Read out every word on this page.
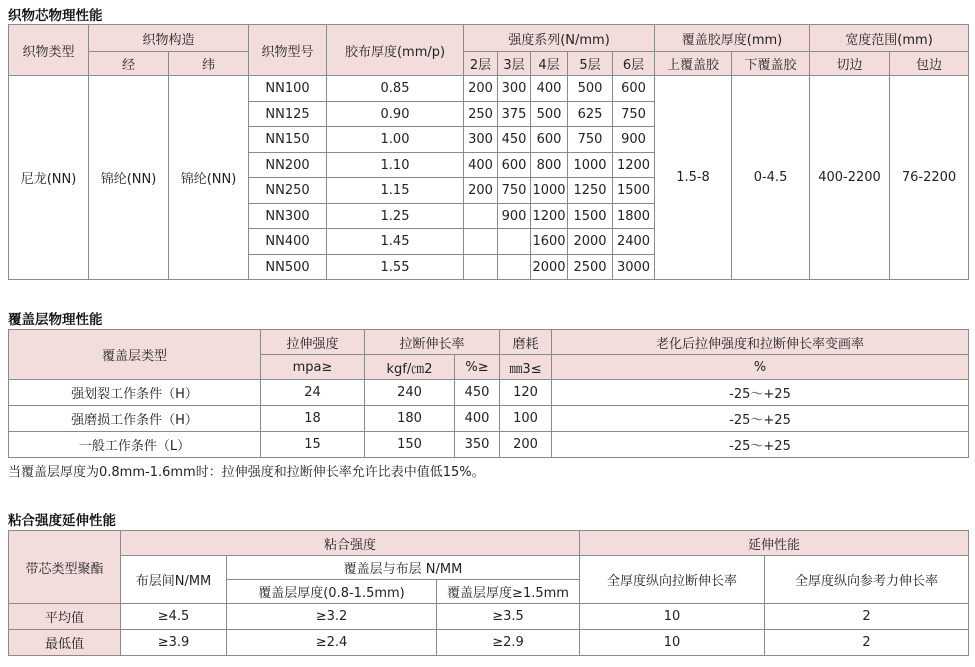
织物芯物理性能
织物类型	织物构造		织物型号	胶布厚度(mm/p)	强度系列(N/mm)					覆盖胶厚度(mm)		宽度范围(mm)	
	经	纬			2层	3层	4层	5层	6层	上覆盖胶	下覆盖胶	切边	包边
尼龙(NN)	锦纶(NN)	锦纶(NN)	NN100	0.85	200	300	400	500	600	1.5-8	0-4.5	400-2200	76-2200
			NN125	0.90	250	375	500	625	750				
			NN150	1.00	300	450	600	750	900				
			NN200	1.10	400	600	800	1000	1200				
			NN250	1.15	200	750	1000	1250	1500				
			NN300	1.25		900	1200	1500	1800				
			NN400	1.45			1600	2000	2400				
			NN500	1.55			2000	2500	3000				
覆盖层物理性能
覆盖层类型	拉伸强度	拉断伸长率		磨耗	老化后拉伸强度和拉断伸长率变画率
	mpa≥	kgf/㎝2	%≥	㎜3≤	%
强划裂工作条件（H）	24	240	450	120	-25～+25
强磨损工作条件（H）	18	180	400	100	-25～+25
一般工作条件（L）	15	150	350	200	-25～+25
当覆盖层厚度为0.8mm-1.6mm时：拉伸强度和拉断伸长率允许比表中值低15%。
粘合强度延伸性能
带芯类型聚酯	粘合强度			延伸性能	
	布层间N/MM	覆盖层与布层 N/MM		全厚度纵向拉断伸长率	全厚度纵向参考力伸长率
		覆盖层厚度(0.8-1.5mm)	覆盖层厚度≥1.5mm		
平均值	≥4.5	≥3.2	≥3.5	10	2
最低值	≥3.9	≥2.4	≥2.9	10	2
